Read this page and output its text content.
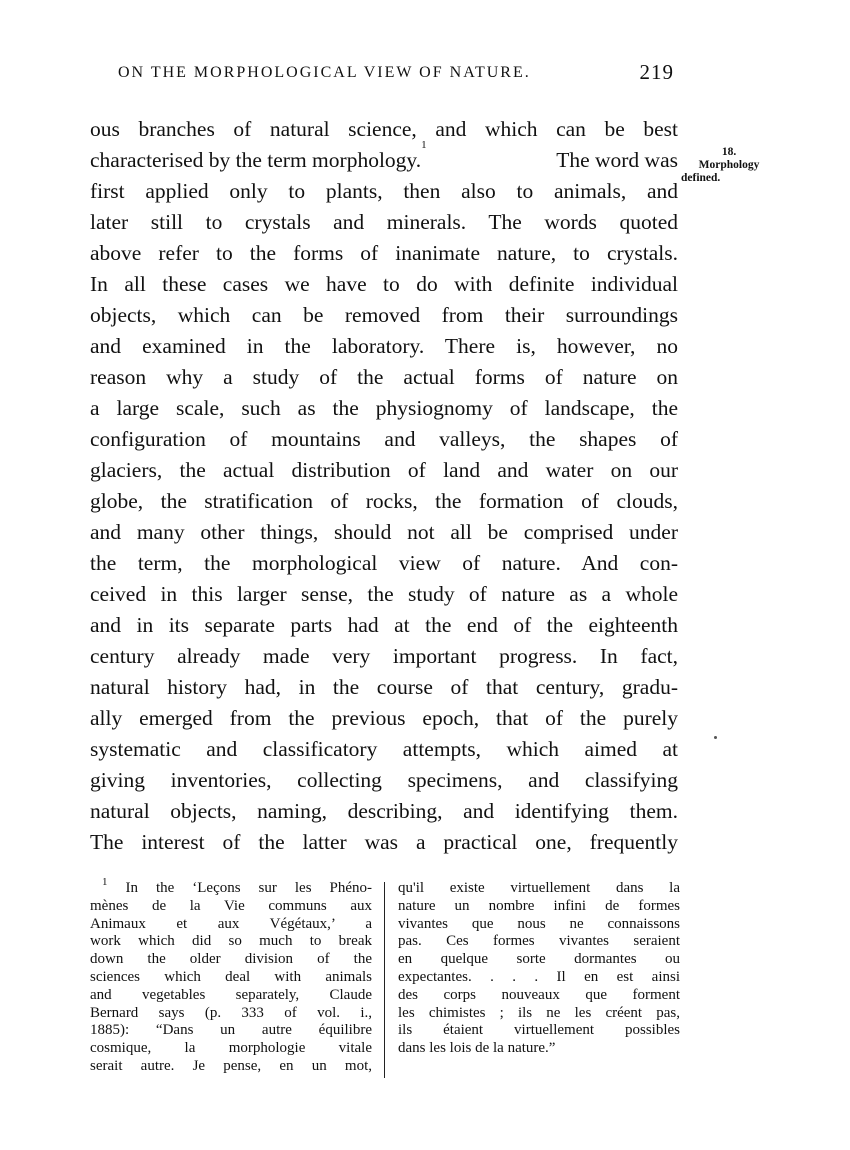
ON THE MORPHOLOGICAL VIEW OF NATURE.	219
ous branches of natural science, and which can be best
characterised by the term morphology.
1
The word was
first applied only to plants, then also to animals, and
later still to crystals and minerals. The words quoted
above refer to the forms of inanimate nature, to crystals.
In all these cases we have to do with definite individual
objects, which can be removed from their surroundings
and examined in the laboratory. There is, however, no
reason why a study of the actual forms of nature on
a large scale, such as the physiognomy of landscape, the
configuration of mountains and valleys, the shapes of
glaciers, the actual distribution of land and water on our
globe, the stratification of rocks, the formation of clouds,
and many other things, should not all be comprised under
the term, the morphological view of nature. And con-
ceived in this larger sense, the study of nature as a whole
and in its separate parts had at the end of the eighteenth
century already made very important progress. In fact,
natural history had, in the course of that century, gradu-
ally emerged from the previous epoch, that of the purely
systematic and classificatory attempts, which aimed at
giving inventories, collecting specimens, and classifying
natural objects, naming, describing, and identifying them.
The interest of the latter was a practical one, frequently
18.
Morphology
defined.
$^1$ In the ‘Leçons sur les Phéno-
mènes de la Vie communs aux
Animaux et aux Végétaux,’ a
work which did so much to break
down the older division of the
sciences which deal with animals
and vegetables separately, Claude
Bernard says (p. 333 of vol. i.,
1885): “Dans un autre équilibre
cosmique, la morphologie vitale
serait autre. Je pense, en un mot,
qu'il existe virtuellement dans la
nature un nombre infini de formes
vivantes que nous ne connaissons
pas. Ces formes vivantes seraient
en quelque sorte dormantes ou
expectantes. . . . Il en est ainsi
des corps nouveaux que forment
les chimistes ; ils ne les créent pas,
ils étaient virtuellement possibles
dans les lois de la nature.”
